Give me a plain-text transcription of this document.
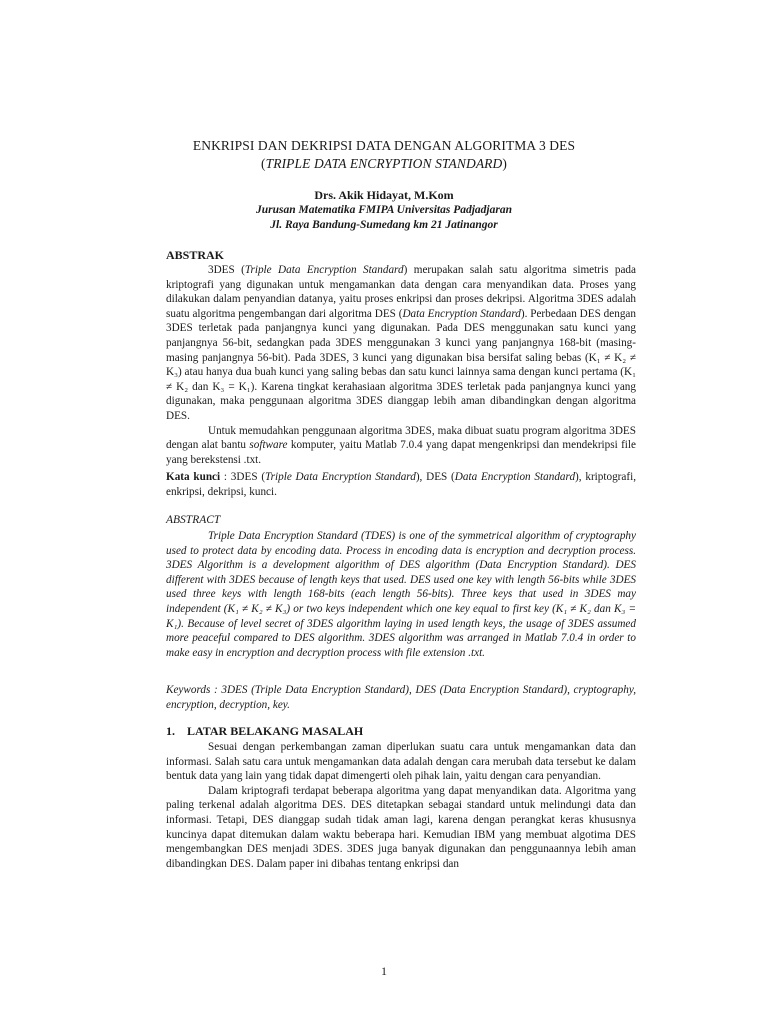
ENKRIPSI DAN DEKRIPSI DATA DENGAN ALGORITMA 3 DES
(TRIPLE DATA ENCRYPTION STANDARD)
Drs. Akik Hidayat, M.Kom
Jurusan Matematika FMIPA Universitas Padjadjaran
Jl. Raya Bandung-Sumedang km 21 Jatinangor
ABSTRAK

3DES (Triple Data Encryption Standard) merupakan salah satu algoritma simetris pada kriptografi yang digunakan untuk mengamankan data dengan cara menyandikan data. Proses yang dilakukan dalam penyandian datanya, yaitu proses enkripsi dan proses dekripsi. Algoritma 3DES adalah suatu algoritma pengembangan dari algoritma DES (Data Encryption Standard). Perbedaan DES dengan 3DES terletak pada panjangnya kunci yang digunakan. Pada DES menggunakan satu kunci yang panjangnya 56-bit, sedangkan pada 3DES menggunakan 3 kunci yang panjangnya 168-bit (masing-masing panjangnya 56-bit). Pada 3DES, 3 kunci yang digunakan bisa bersifat saling bebas (K₁ ≠ K₂ ≠ K₃) atau hanya dua buah kunci yang saling bebas dan satu kunci lainnya sama dengan kunci pertama (K₁ ≠ K₂ dan K₃ = K₁). Karena tingkat kerahasiaan algoritma 3DES terletak pada panjangnya kunci yang digunakan, maka penggunaan algoritma 3DES dianggap lebih aman dibandingkan dengan algoritma DES.

Untuk memudahkan penggunaan algoritma 3DES, maka dibuat suatu program algoritma 3DES dengan alat bantu software komputer, yaitu Matlab 7.0.4 yang dapat mengenkripsi dan mendekripsi file yang berekstensi .txt.

Kata kunci : 3DES (Triple Data Encryption Standard), DES (Data Encryption Standard), kriptografi, enkripsi, dekripsi, kunci.

ABSTRACT

Triple Data Encryption Standard (TDES) is one of the symmetrical algorithm of cryptography used to protect data by encoding data. Process in encoding data is encryption and decryption process. 3DES Algorithm is a development algorithm of DES algorithm (Data Encryption Standard). DES different with 3DES because of length keys that used. DES used one key with length 56-bits while 3DES used three keys with length 168-bits (each length 56-bits). Three keys that used in 3DES may independent (K₁ ≠ K₂ ≠ K₃) or two keys independent which one key equal to first key (K₁ ≠ K₂ dan K₃ = K₁). Because of level secret of 3DES algorithm laying in used length keys, the usage of 3DES assumed more peaceful compared to DES algorithm. 3DES algorithm was arranged in Matlab 7.0.4 in order to make easy in encryption and decryption process with file extension .txt.

Keywords : 3DES (Triple Data Encryption Standard), DES (Data Encryption Standard), cryptography, encryption, decryption, key.

1. LATAR BELAKANG MASALAH

Sesuai dengan perkembangan zaman diperlukan suatu cara untuk mengamankan data dan informasi. Salah satu cara untuk mengamankan data adalah dengan cara merubah data tersebut ke dalam bentuk data yang lain yang tidak dapat dimengerti oleh pihak lain, yaitu dengan cara penyandian.

Dalam kriptografi terdapat beberapa algoritma yang dapat menyandikan data. Algoritma yang paling terkenal adalah algoritma DES. DES ditetapkan sebagai standard untuk melindungi data dan informasi. Tetapi, DES dianggap sudah tidak aman lagi, karena dengan perangkat keras khususnya kuncinya dapat ditemukan dalam waktu beberapa hari. Kemudian IBM yang membuat algotima DES mengembangkan DES menjadi 3DES. 3DES juga banyak digunakan dan penggunaannya lebih aman dibandingkan DES. Dalam paper ini dibahas tentang enkripsi dan

1
